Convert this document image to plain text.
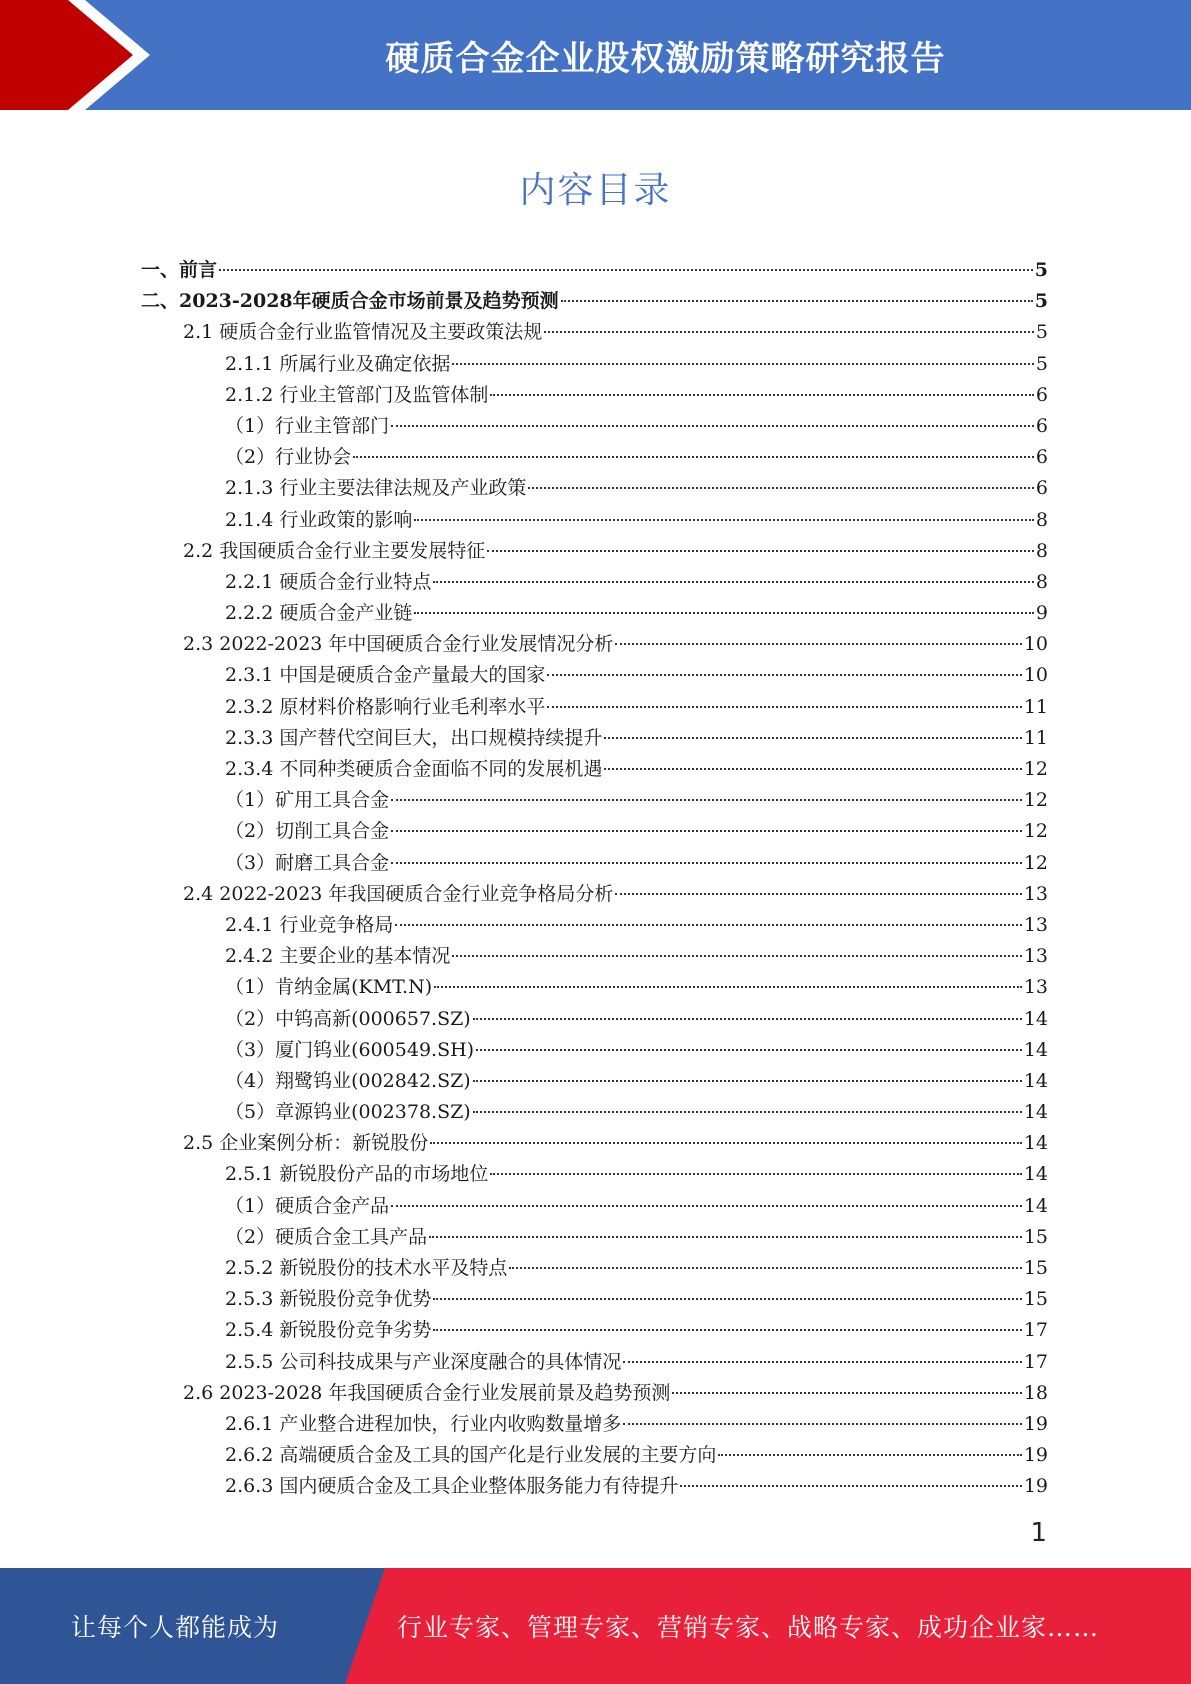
硬质合金企业股权激励策略研究报告
内容目录
一、前言	5
二、2023-2028年硬质合金市场前景及趋势预测	5
2.1 硬质合金行业监管情况及主要政策法规	5
2.1.1 所属行业及确定依据	5
2.1.2 行业主管部门及监管体制	6
（1）行业主管部门	6
（2）行业协会	6
2.1.3 行业主要法律法规及产业政策	6
2.1.4 行业政策的影响	8
2.2 我国硬质合金行业主要发展特征	8
2.2.1 硬质合金行业特点	8
2.2.2 硬质合金产业链	9
2.3 2022-2023 年中国硬质合金行业发展情况分析	10
2.3.1 中国是硬质合金产量最大的国家	10
2.3.2 原材料价格影响行业毛利率水平	11
2.3.3 国产替代空间巨大，出口规模持续提升	11
2.3.4 不同种类硬质合金面临不同的发展机遇	12
（1）矿用工具合金	12
（2）切削工具合金	12
（3）耐磨工具合金	12
2.4 2022-2023 年我国硬质合金行业竞争格局分析	13
2.4.1 行业竞争格局	13
2.4.2 主要企业的基本情况	13
（1）肯纳金属(KMT.N)	13
（2）中钨高新(000657.SZ)	14
（3）厦门钨业(600549.SH)	14
（4）翔鹭钨业(002842.SZ)	14
（5）章源钨业(002378.SZ)	14
2.5 企业案例分析：新锐股份	14
2.5.1 新锐股份产品的市场地位	14
（1）硬质合金产品	14
（2）硬质合金工具产品	15
2.5.2 新锐股份的技术水平及特点	15
2.5.3 新锐股份竞争优势	15
2.5.4 新锐股份竞争劣势	17
2.5.5 公司科技成果与产业深度融合的具体情况	17
2.6 2023-2028 年我国硬质合金行业发展前景及趋势预测	18
2.6.1 产业整合进程加快，行业内收购数量增多	19
2.6.2 高端硬质合金及工具的国产化是行业发展的主要方向	19
2.6.3 国内硬质合金及工具企业整体服务能力有待提升	19
1
让每个人都能成为	行业专家、管理专家、营销专家、战略专家、成功企业家……
